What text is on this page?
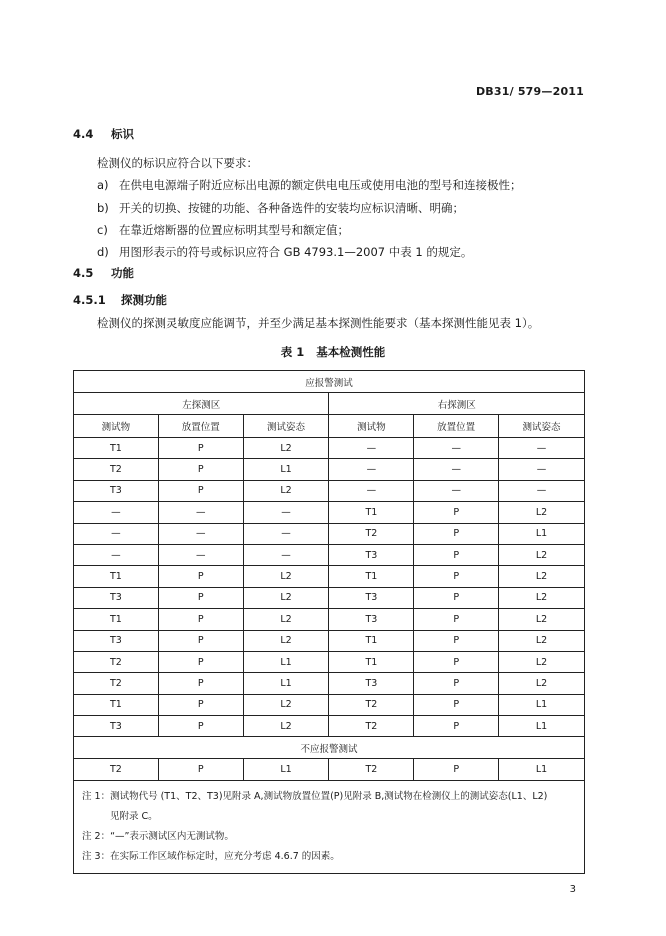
DB31/ 579—2011
4.4 标识
检测仪的标识应符合以下要求：
a) 在供电电源端子附近应标出电源的额定供电电压或使用电池的型号和连接极性；
b) 开关的切换、按键的功能、各种备选件的安装均应标识清晰、明确；
c) 在靠近熔断器的位置应标明其型号和额定值；
d) 用图形表示的符号或标识应符合 GB 4793.1—2007 中表 1 的规定。
4.5 功能
4.5.1 探测功能
检测仪的探测灵敏度应能调节，并至少满足基本探测性能要求（基本探测性能见表 1）。
表 1 基本检测性能
应报警测试					
左探测区			右探测区		
测试物	放置位置	测试姿态	测试物	放置位置	测试姿态
T1	P	L2	—	—	—
T2	P	L1	—	—	—
T3	P	L2	—	—	—
—	—	—	T1	P	L2
—	—	—	T2	P	L1
—	—	—	T3	P	L2
T1	P	L2	T1	P	L2
T3	P	L2	T3	P	L2
T1	P	L2	T3	P	L2
T3	P	L2	T1	P	L2
T2	P	L1	T1	P	L2
T2	P	L1	T3	P	L2
T1	P	L2	T2	P	L1
T3	P	L2	T2	P	L1
不应报警测试					
T2	P	L1	T2	P	L1

注 1：测试物代号 (T1、T2、T3)见附录 A,测试物放置位置(P)见附录 B,测试物在检测仪上的测试姿态(L1、L2)
见附录 C。
注 2：“—”表示测试区内无测试物。
注 3：在实际工作区域作标定时，应充分考虑 4.6.7 的因素。					
3
